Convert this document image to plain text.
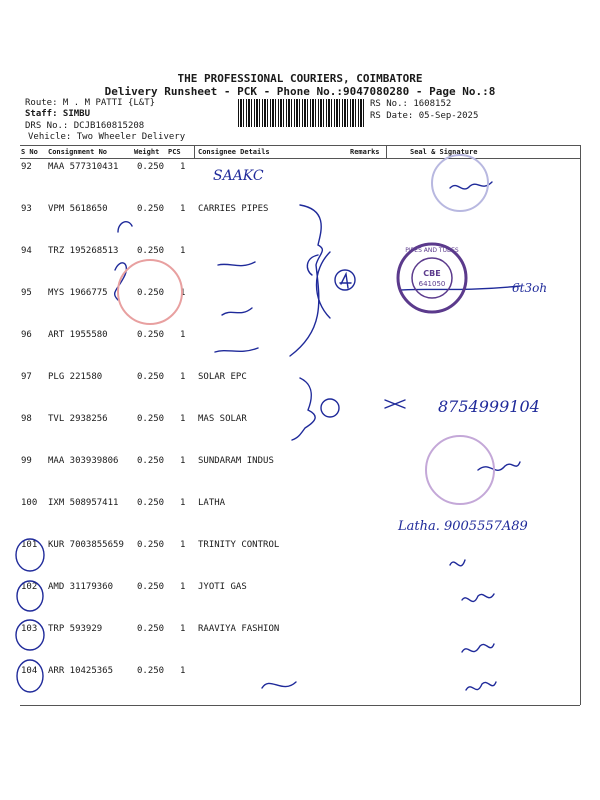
THE PROFESSIONAL COURIERS, COIMBATORE
Delivery Runsheet - PCK - Phone No.:9047080280 - Page No.:8
Route: M . M PATTI {L&T}
Staff: SIMBU
DRS No.: DCJB160815208
Vehicle: Two Wheeler Delivery
RS No.: 1608152
RS Date: 05-Sep-2025
S No Consignment No	Weight PCS Consignee Details	Remarks	Seal & Signature
92	MAA 577310431 0.250 1
93	VPM 5618650	0.250 1 CARRIES PIPES
94	TRZ 195268513 0.250 1
95	MYS 1966775	0.250 1
96	ART 1955580	0.250 1
97	PLG 221580	0.250 1 SOLAR EPC
98	TVL 2938256	0.250 1 MAS SOLAR
99	MAA 303939806 0.250 1 SUNDARAM INDUS
100	IXM 508957411 0.250 1 LATHA
101	KUR 7003855659 0.250 1 TRINITY CONTROL
102	AMD 31179360	0.250 1 JYOTI GAS
103	TRP 593929	0.250 1 RAAVIYA FASHION
104	ARR 10425365	0.250 1
SAAKC
8754999104
Latha. 9005557A89
6t3oh
CBE
641050
PIPES AND TUBES
